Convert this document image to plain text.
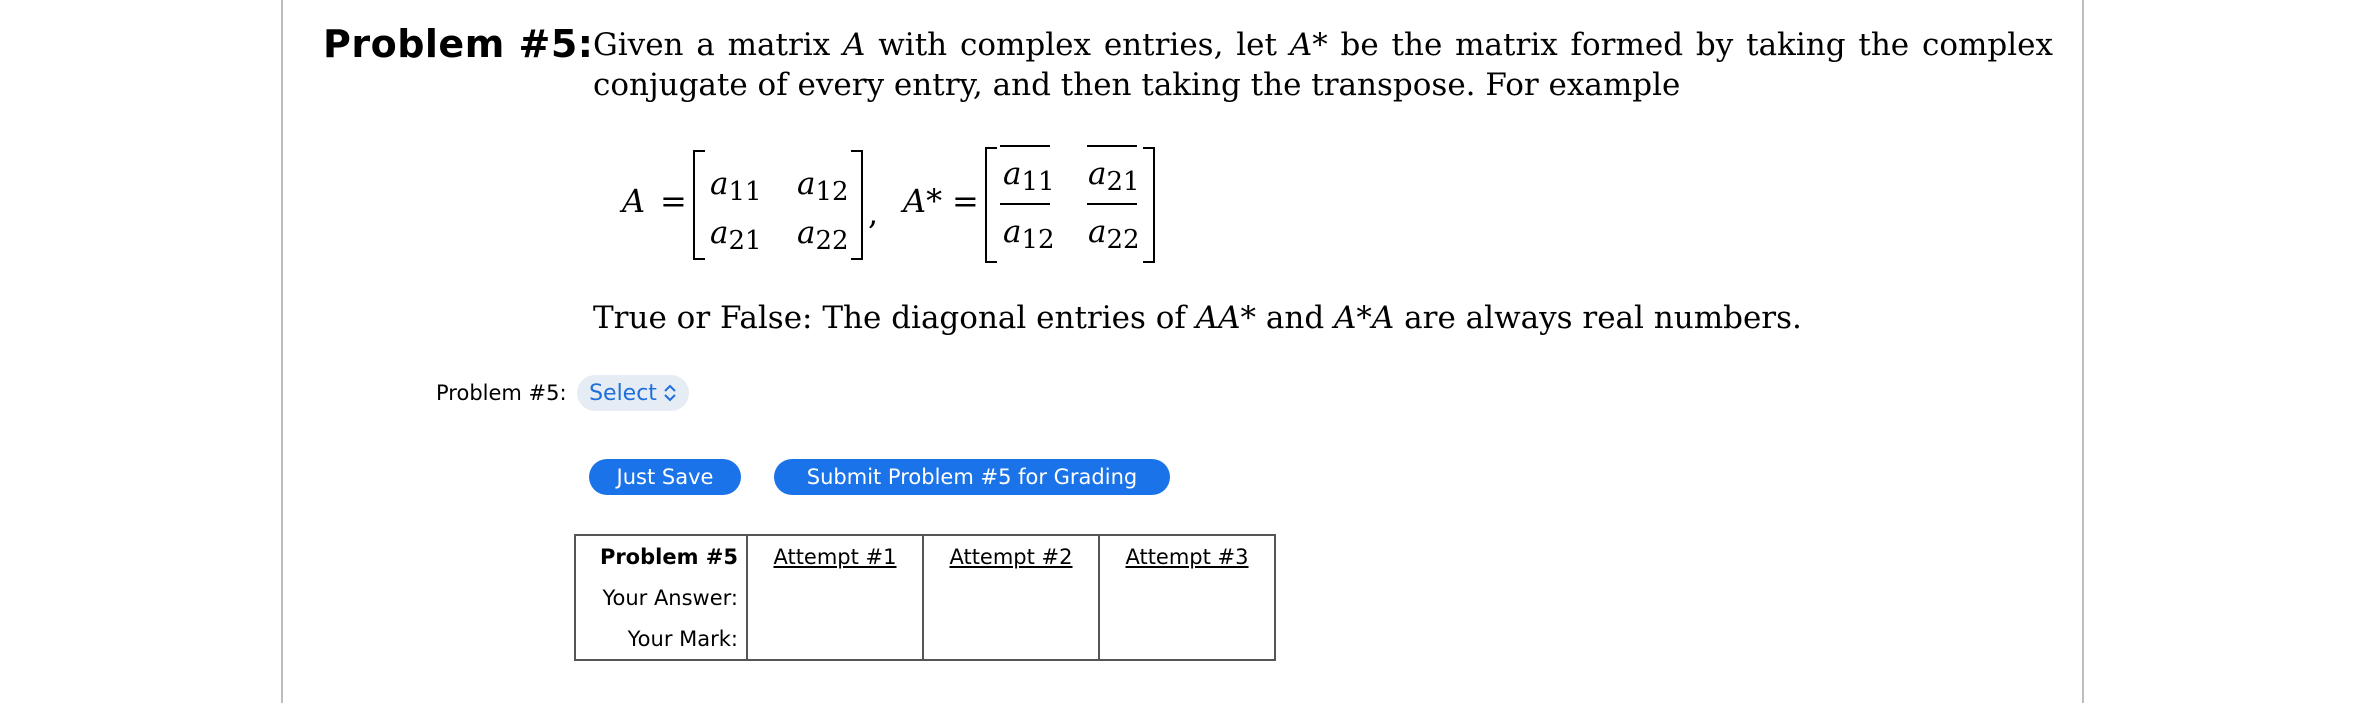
Problem #5: Given a matrix A with complex entries, let A* be the matrix formed by taking the complex conjugate of every entry, and then taking the transpose. For example
$A = a_{11}$ $a_{12}$
$a_{21}$ $a_{22}$
, A* =
$a_{11}$ $a_{21}$
$a_{12}$ $a_{22}$
True or False: The diagonal entries of AA* and A*A are always real numbers.
Problem #5: Select
Just Save	Submit Problem #5 for Grading
Problem #5	Attempt #1	Attempt #2	Attempt #3
Your Answer:			
Your Mark:			
